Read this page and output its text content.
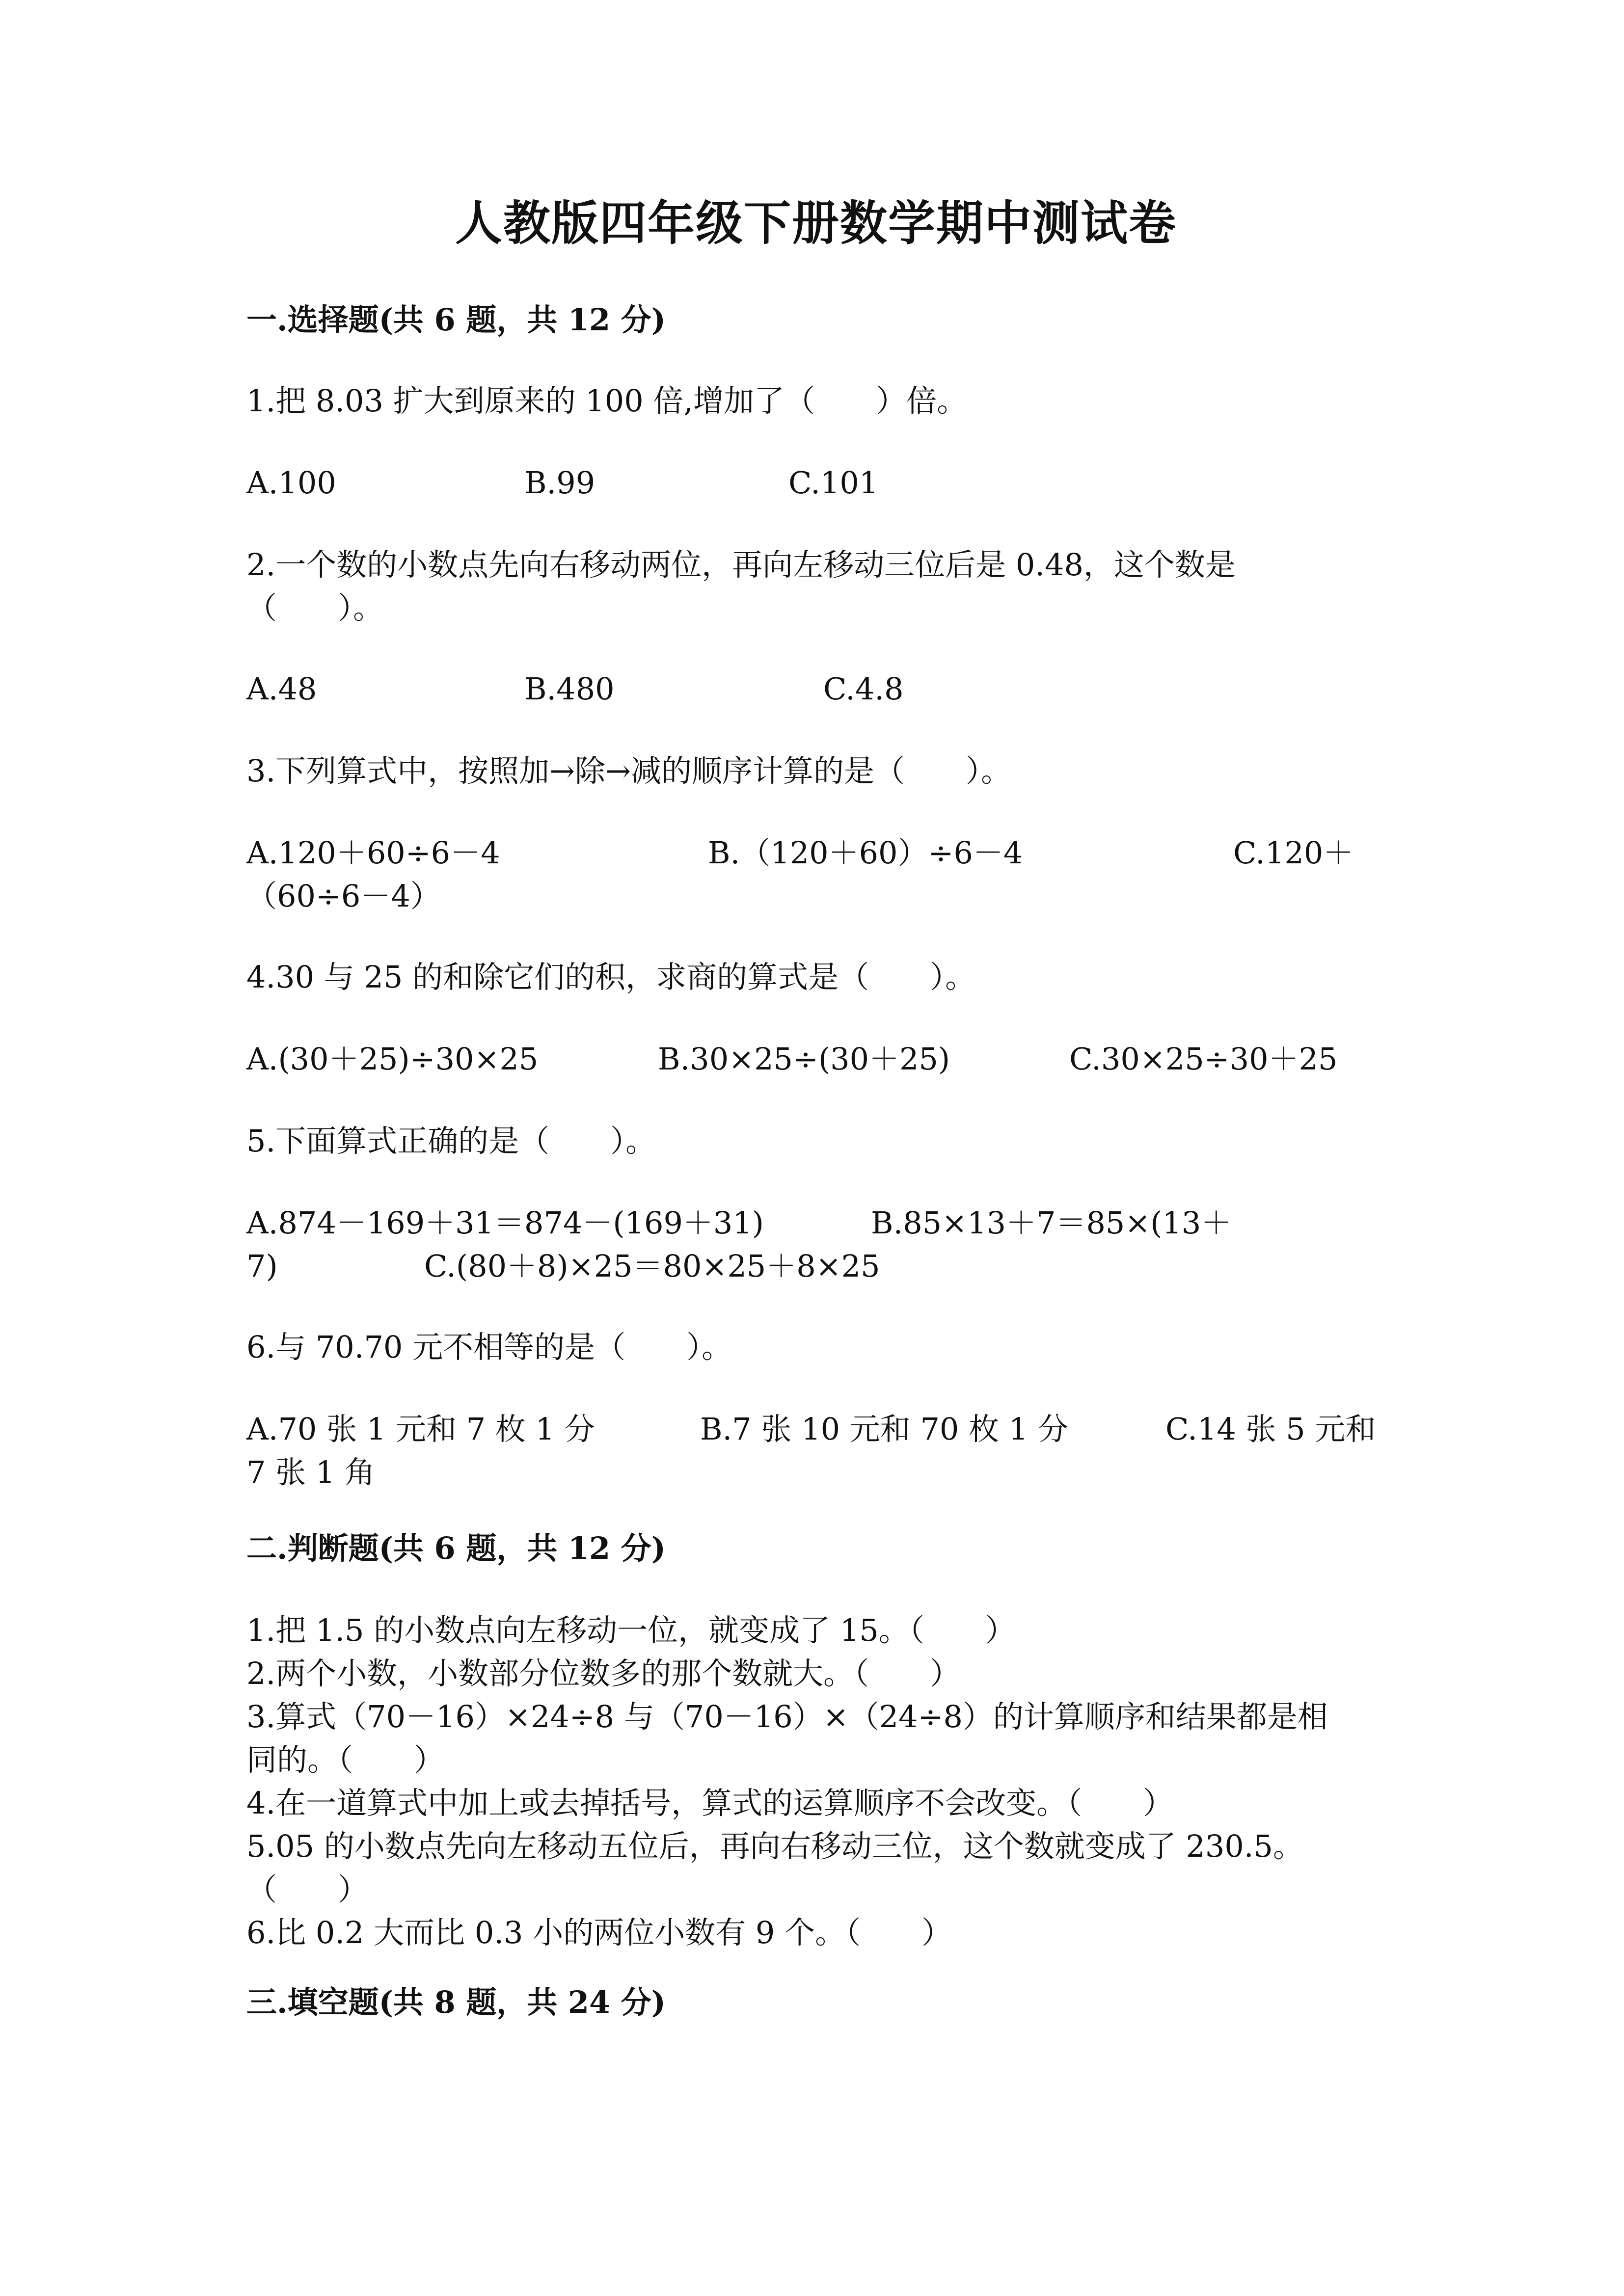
人教版四年级下册数学期中测试卷
一.选择题(共 6 题，共 12 分)
1.把 8.03 扩大到原来的 100 倍,增加了（　　）倍。
A.100	B.99	C.101
2.一个数的小数点先向右移动两位，再向左移动三位后是 0.48，这个数是
（　　）。
A.48	B.480	C.4.8
3.下列算式中，按照加→除→减的顺序计算的是（　　）。
A.120＋60÷6－4	B.（120＋60）÷6－4	C.120＋
（60÷6－4）
4.30 与 25 的和除它们的积，求商的算式是（　　）。
A.(30＋25)÷30×25	B.30×25÷(30＋25)	C.30×25÷30＋25
5.下面算式正确的是（　　）。
A.874－169＋31＝874－(169＋31)	B.85×13＋7＝85×(13＋
7)	C.(80＋8)×25＝80×25＋8×25
6.与 70.70 元不相等的是（　　）。
A.70 张 1 元和 7 枚 1 分	B.7 张 10 元和 70 枚 1 分	C.14 张 5 元和
7 张 1 角
二.判断题(共 6 题，共 12 分)
1.把 1.5 的小数点向左移动一位，就变成了 15。（　　）
2.两个小数，小数部分位数多的那个数就大。（　　）
3.算式（70－16）×24÷8 与（70－16）×（24÷8）的计算顺序和结果都是相
同的。（　　）
4.在一道算式中加上或去掉括号，算式的运算顺序不会改变。（　　）
5.05 的小数点先向左移动五位后，再向右移动三位，这个数就变成了 230.5。
（　　）
6.比 0.2 大而比 0.3 小的两位小数有 9 个。（　　）
三.填空题(共 8 题，共 24 分)
